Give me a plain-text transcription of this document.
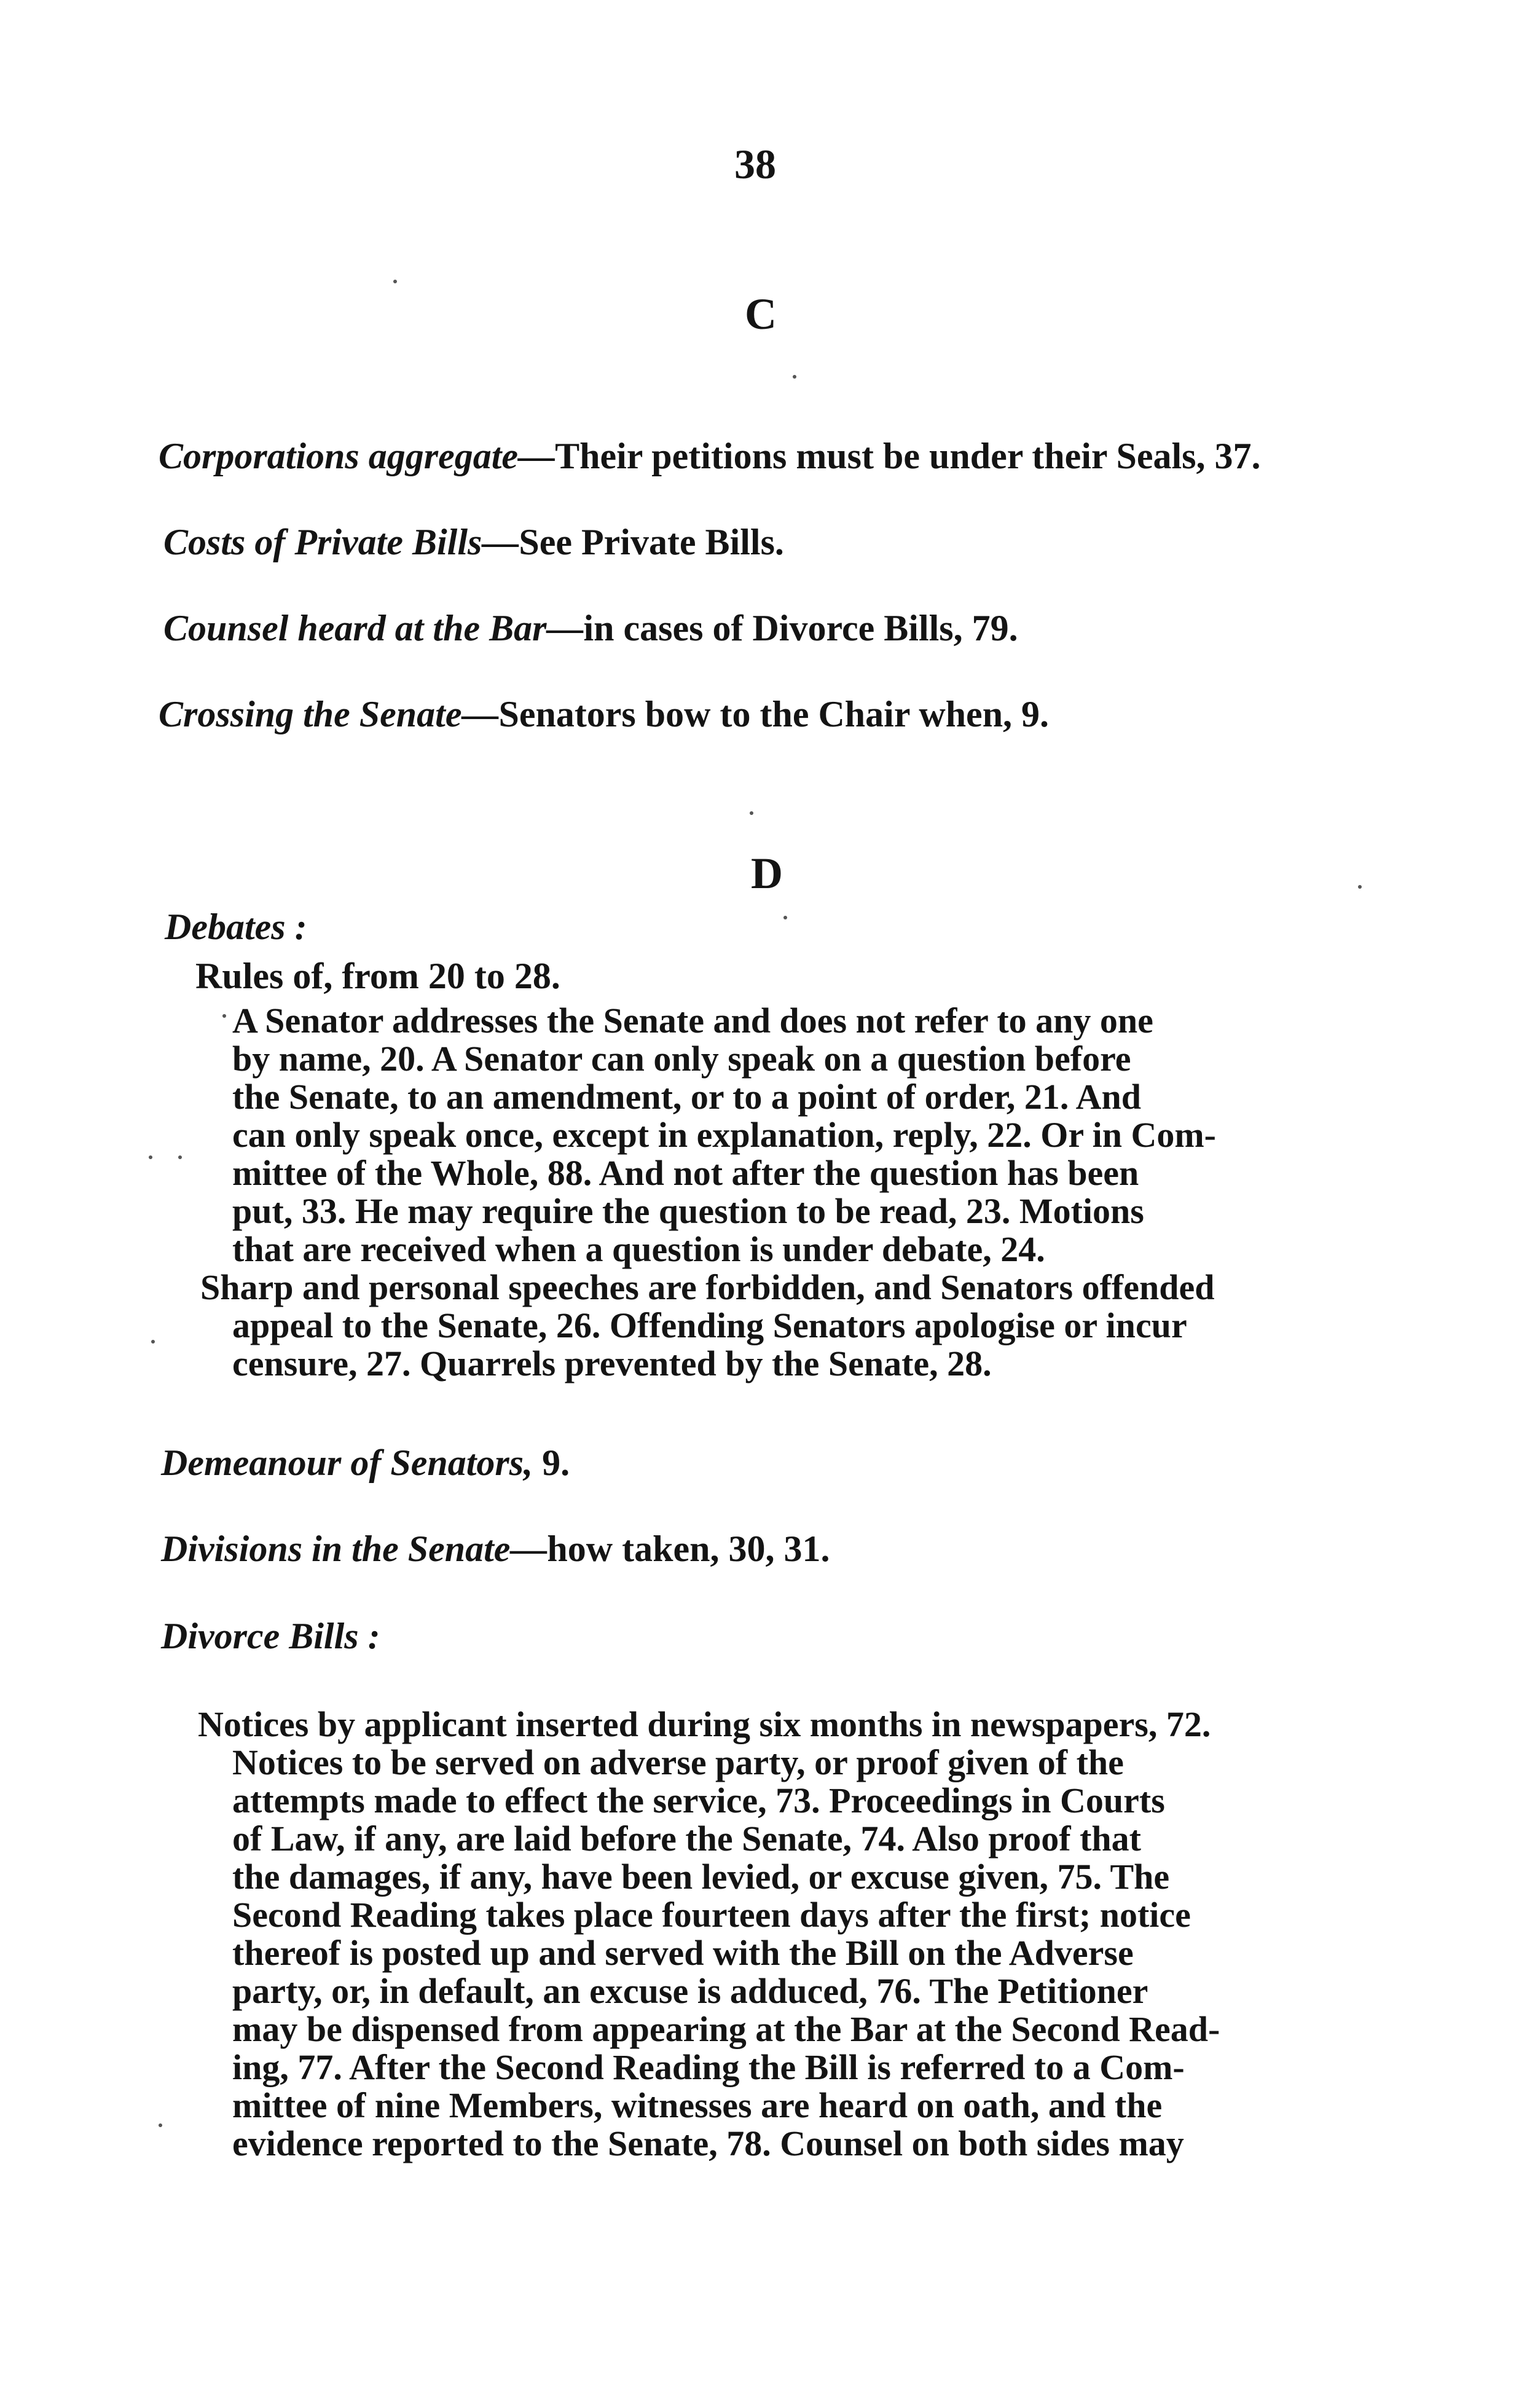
38
C
Corporations aggregate—Their petitions must be under their Seals, 37.
Costs of Private Bills—See Private Bills.
Counsel heard at the Bar—in cases of Divorce Bills, 79.
Crossing the Senate—Senators bow to the Chair when, 9.
D
Debates :
Rules of, from 20 to 28.
A Senator addresses the Senate and does not refer to any one
by name, 20. A Senator can only speak on a question before
the Senate, to an amendment, or to a point of order, 21. And
can only speak once, except in explanation, reply, 22. Or in Com-
mittee of the Whole, 88. And not after the question has been
put, 33. He may require the question to be read, 23. Motions
that are received when a question is under debate, 24.
Sharp and personal speeches are forbidden, and Senators offended
appeal to the Senate, 26. Offending Senators apologise or incur
censure, 27. Quarrels prevented by the Senate, 28.
Demeanour of Senators, 9.
Divisions in the Senate—how taken, 30, 31.
Divorce Bills :
Notices by applicant inserted during six months in newspapers, 72.
Notices to be served on adverse party, or proof given of the
attempts made to effect the service, 73. Proceedings in Courts
of Law, if any, are laid before the Senate, 74. Also proof that
the damages, if any, have been levied, or excuse given, 75. The
Second Reading takes place fourteen days after the first; notice
thereof is posted up and served with the Bill on the Adverse
party, or, in default, an excuse is adduced, 76. The Petitioner
may be dispensed from appearing at the Bar at the Second Read-
ing, 77. After the Second Reading the Bill is referred to a Com-
mittee of nine Members, witnesses are heard on oath, and the
evidence reported to the Senate, 78. Counsel on both sides may
